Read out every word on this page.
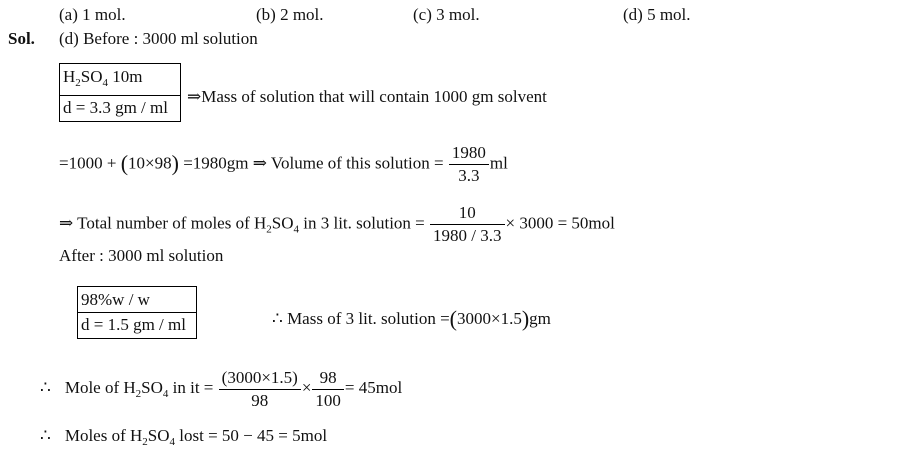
(a) 1 mol.	(b) 2 mol.	(c) 3 mol.	(d) 5 mol.
Sol. (d) Before : 3000 ml solution
$H_2SO_4$ 10m
d = 3.3 gm / ml
⇒Mass of solution that will contain 1000 gm solvent
=1000 + (10×98) =1980gm ⇒ Volume of this solution = $\frac{1980}{3.3}$ ml
⇒ Total number of moles of $H_2SO_4$ in 3 lit. solution = $\frac{10}{1980 / 3.3} \times 3000 = 50mol$
After : 3000 ml solution
98%w / w
d = 1.5 gm / ml	∴ Mass of 3 lit. solution =(3000×1.5)gm
∴ Mole of $H_2SO_4$ in it = $\frac{(3000\times 1.5)}{98} \times \frac{98}{100} = 45mol$
∴ Moles of $H_2SO_4$ lost = 50 − 45 = 5mol
